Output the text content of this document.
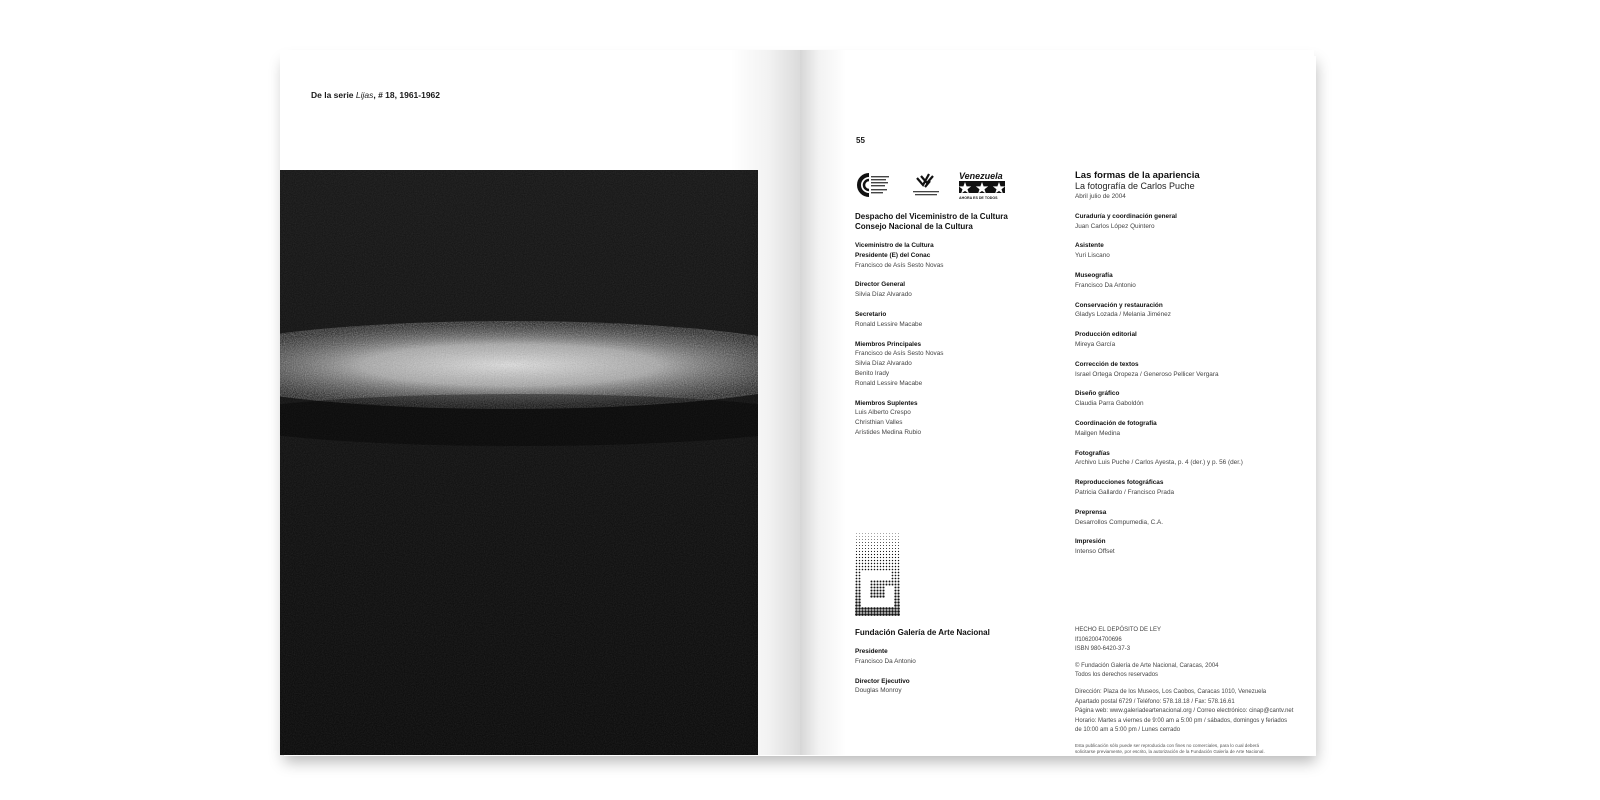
De la serie Lijas, # 18, 1961-1962
55
Venezuela
AHORA ES DE TODOS
Despacho del Viceministro de la Cultura
Consejo Nacional de la Cultura
Viceministro de la Cultura
Presidente (E) del Conac
Francisco de Asís Sesto Novas
Director General
Silvia Díaz Alvarado
Secretario
Ronald Lessire Macabe
Miembros Principales
Francisco de Asís Sesto Novas
Silvia Díaz Alvarado
Benito Irady
Ronald Lessire Macabe
Miembros Suplentes
Luis Alberto Crespo
Christhian Valles
Arístides Medina Rubio
Fundación Galería de Arte Nacional
Presidente
Francisco Da Antonio
Director Ejecutivo
Douglas Monroy
Las formas de la apariencia
La fotografía de Carlos Puche
Abril julio de 2004
Curaduría y coordinación general
Juan Carlos López Quintero
Asistente
Yuri Liscano
Museografía
Francisco Da Antonio
Conservación y restauración
Gladys Lozada / Melania Jiménez
Producción editorial
Mireya García
Corrección de textos
Israel Ortega Oropeza / Generoso Pellicer Vergara
Diseño gráfico
Claudia Parra Gaboldón
Coordinación de fotografía
Mailgen Medina
Fotografías
Archivo Luis Puche / Carlos Ayesta, p. 4 (der.) y p. 56 (der.)
Reproducciones fotográficas
Patricia Gallardo / Francisco Prada
Preprensa
Desarrollos Compumedia, C.A.
Impresión
Intenso Offset
HECHO EL DEPÓSITO DE LEY
If1062004700696
ISBN 980-6420-37-3
© Fundación Galería de Arte Nacional, Caracas, 2004
Todos los derechos reservados
Dirección: Plaza de los Museos, Los Caobos, Caracas 1010, Venezuela
Apartado postal 6729 / Teléfono: 578.18.18 / Fax: 578.16.61
Página web: www.galeriadeartenacional.org / Correo electrónico: cinap@cantv.net
Horario: Martes a viernes de 9:00 am a 5:00 pm / sábados, domingos y feriados
de 10:00 am a 5:00 pm / Lunes cerrado
Esta publicación sólo puede ser reproducida con fines no comerciales, para lo cual deberá
solicitarse previamente, por escrito, la autorización de la Fundación Galería de Arte Nacional.
